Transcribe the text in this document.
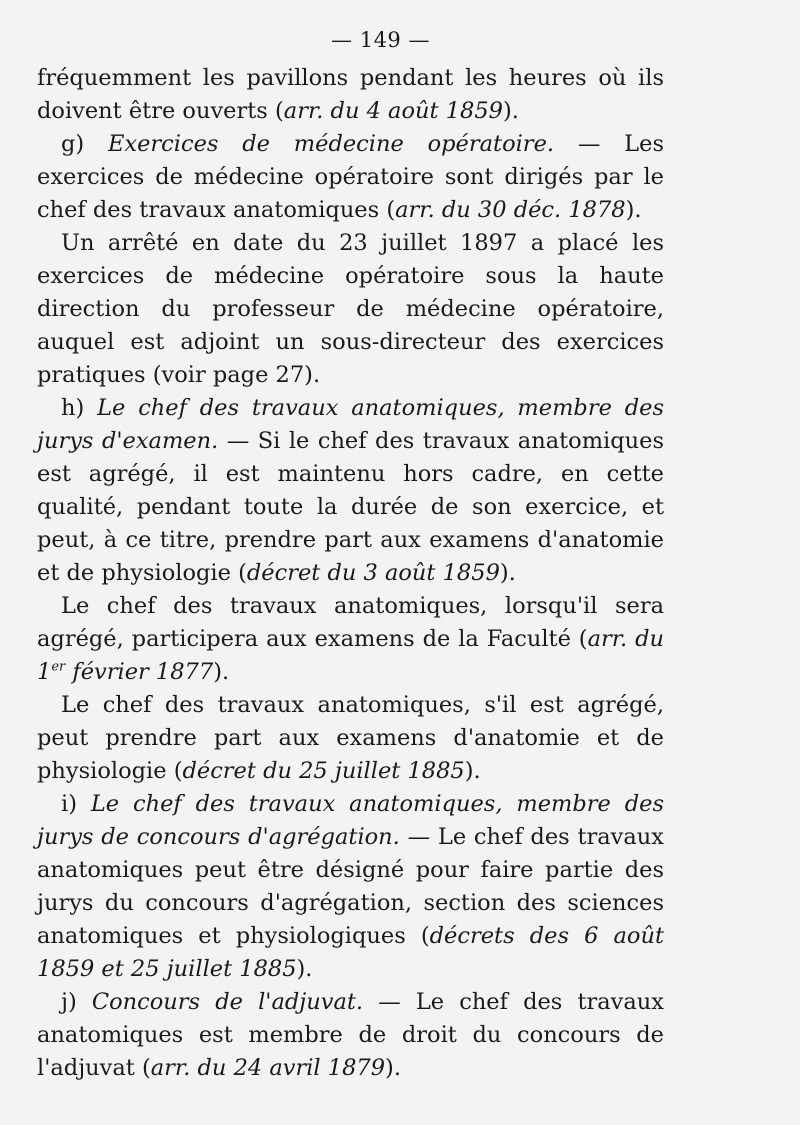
— 149 —

fréquemment les pavillons pendant les heures où ils doivent être ouverts (arr. du 4 août 1859).

g) Exercices de médecine opératoire. — Les exercices de médecine opératoire sont dirigés par le chef des travaux anatomiques (arr. du 30 déc. 1878).

Un arrêté en date du 23 juillet 1897 a placé les exercices de médecine opératoire sous la haute direction du professeur de médecine opératoire, auquel est adjoint un sous-directeur des exercices pratiques (voir page 27).

h) Le chef des travaux anatomiques, membre des jurys d'examen. — Si le chef des travaux anatomiques est agrégé, il est maintenu hors cadre, en cette qualité, pendant toute la durée de son exercice, et peut, à ce titre, prendre part aux examens d'anatomie et de physiologie (décret du 3 août 1859).

Le chef des travaux anatomiques, lorsqu'il sera agrégé, participera aux examens de la Faculté (arr. du 1er février 1877).

Le chef des travaux anatomiques, s'il est agrégé, peut prendre part aux examens d'anatomie et de physiologie (décret du 25 juillet 1885).

i) Le chef des travaux anatomiques, membre des jurys de concours d'agrégation. — Le chef des travaux anatomiques peut être désigné pour faire partie des jurys du concours d'agrégation, section des sciences anatomiques et physiologiques (décrets des 6 août 1859 et 25 juillet 1885).

j) Concours de l'adjuvat. — Le chef des travaux anatomiques est membre de droit du concours de l'adjuvat (arr. du 24 avril 1879).
